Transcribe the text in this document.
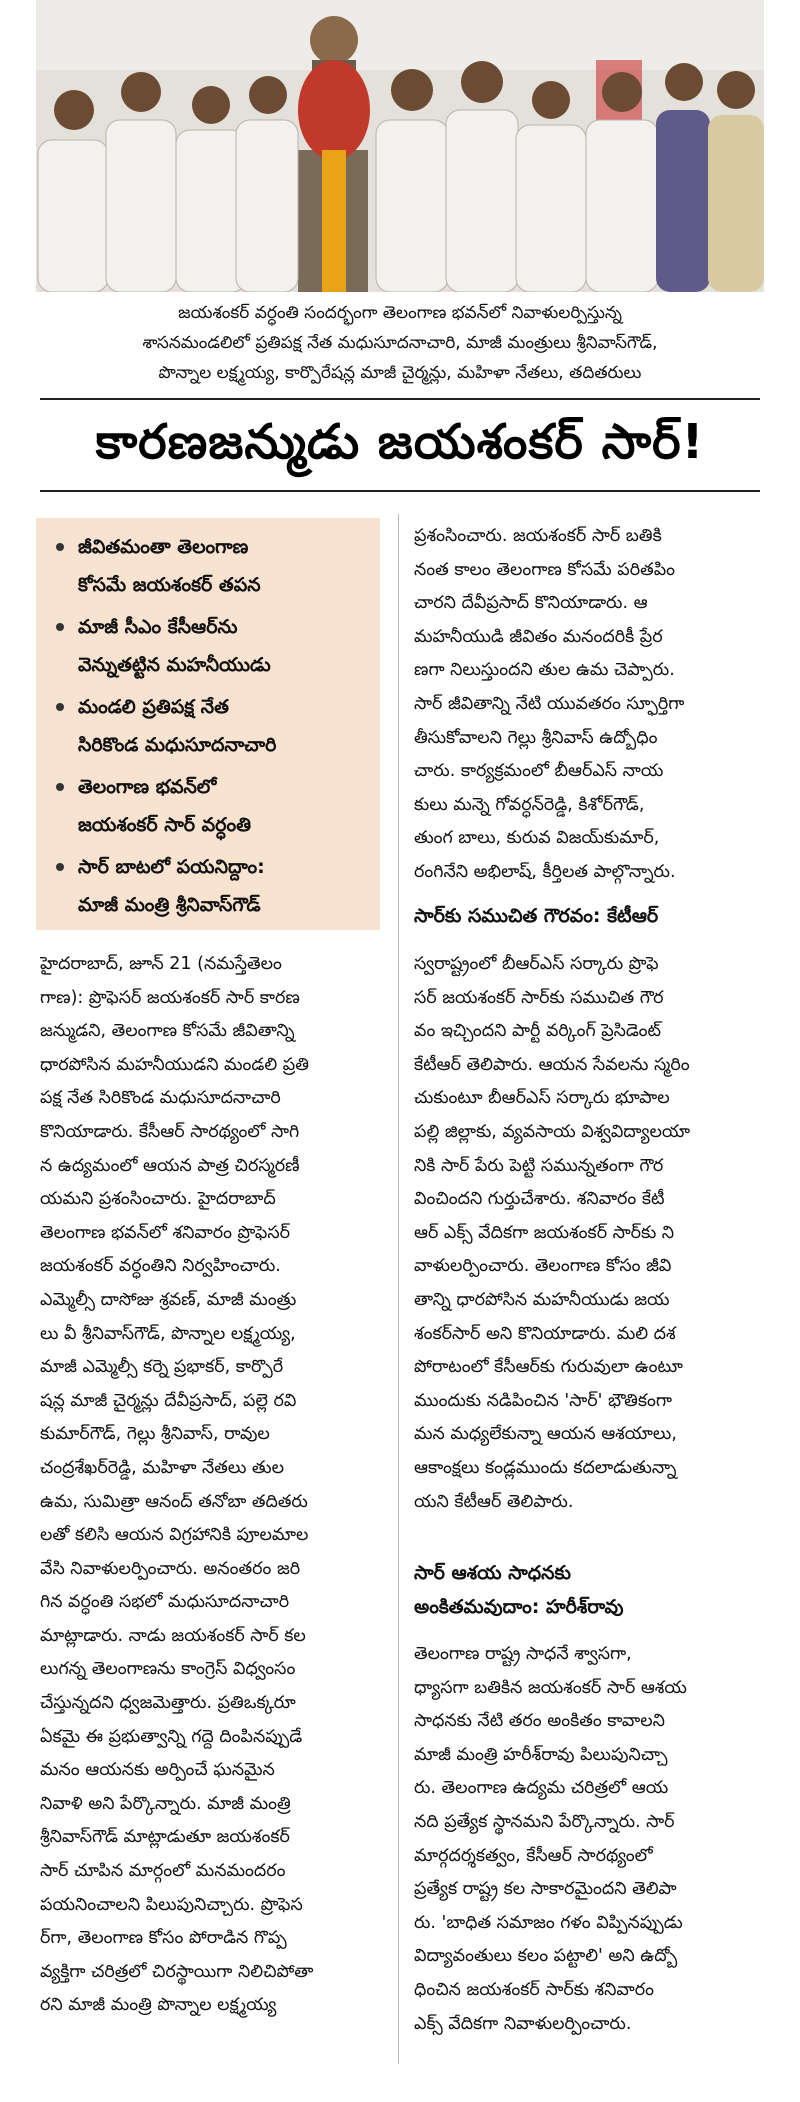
జయశంకర్ వర్ధంతి సందర్భంగా తెలంగాణ భవన్‌లో నివాళులర్పిస్తున్న
శాసనమండలిలో ప్రతిపక్ష నేత మధుసూదనాచారి, మాజీ మంత్రులు శ్రీనివాస్‌గౌడ్,
పొన్నాల లక్ష్మయ్య, కార్పొరేషన్ల మాజీ చైర్మన్లు, మహిళా నేతలు, తదితరులు
కారణజన్ముడు జయశంకర్ సార్!
జీవితమంతా తెలంగాణ
కోసమే జయశంకర్ తపన
మాజీ సీఎం కేసీఆర్‌ను
వెన్నుతట్టిన మహనీయుడు
మండలి ప్రతిపక్ష నేత
సిరికొండ మధుసూదనాచారి
తెలంగాణ భవన్‌లో
జయశంకర్ సార్ వర్ధంతి
సార్ బాటలో పయనిద్దాం:
మాజీ మంత్రి శ్రీనివాస్‌గౌడ్
హైదరాబాద్, జూన్ 21 (నమస్తేతెలం
గాణ): ప్రొఫెసర్ జయశంకర్ సార్ కారణ
జన్ముడని, తెలంగాణ కోసమే జీవితాన్ని
ధారపోసిన మహనీయుడని మండలి ప్రతి
పక్ష నేత సిరికొండ మధుసూదనాచారి
కొనియాడారు. కేసీఆర్ సారథ్యంలో సాగి
న ఉద్యమంలో ఆయన పాత్ర చిరస్మరణీ
యమని ప్రశంసించారు. హైదరాబాద్
తెలంగాణ భవన్‌లో శనివారం ప్రొఫెసర్
జయశంకర్ వర్ధంతిని నిర్వహించారు.
ఎమ్మెల్సీ దాసోజు శ్రవణ్, మాజీ మంత్రు
లు వీ శ్రీనివాస్‌గౌడ్, పొన్నాల లక్ష్మయ్య,
మాజీ ఎమ్మెల్సీ కర్నె ప్రభాకర్, కార్పొరే
షన్ల మాజీ చైర్మన్లు దేవీప్రసాద్, పల్లె రవి
కుమార్‌గౌడ్, గెల్లు శ్రీనివాస్, రావుల
చంద్రశేఖర్‌రెడ్డి, మహిళా నేతలు తుల
ఉమ, సుమిత్రా ఆనంద్ తనోబా తదితరు
లతో కలిసి ఆయన విగ్రహానికి పూలమాల
వేసి నివాళులర్పించారు. అనంతరం జరి
గిన వర్ధంతి సభలో మధుసూదనాచారి
మాట్లాడారు. నాడు జయశంకర్ సార్ కల
లుగన్న తెలంగాణను కాంగ్రెస్ విధ్వంసం
చేస్తున్నదని ధ్వజమెత్తారు. ప్రతిఒక్కరూ
ఏకమై ఈ ప్రభుత్వాన్ని గద్దె దింపినప్పుడే
మనం ఆయనకు అర్పించే ఘనమైన
నివాళి అని పేర్కొన్నారు. మాజీ మంత్రి
శ్రీనివాస్‌గౌడ్ మాట్లాడుతూ జయశంకర్
సార్ చూపిన మార్గంలో మనమందరం
పయనించాలని పిలుపునిచ్చారు. ప్రొఫెస
ర్‌గా, తెలంగాణ కోసం పోరాడిన గొప్ప
వ్యక్తిగా చరిత్రలో చిరస్థాయిగా నిలిచిపోతా
రని మాజీ మంత్రి పొన్నాల లక్ష్మయ్య
ప్రశంసించారు. జయశంకర్ సార్ బతికి
నంత కాలం తెలంగాణ కోసమే పరితపిం
చారని దేవీప్రసాద్ కొనియాడారు. ఆ
మహనీయుడి జీవితం మనందరికీ ప్రేర
ణగా నిలుస్తుందని తుల ఉమ చెప్పారు.
సార్ జీవితాన్ని నేటి యువతరం స్ఫూర్తిగా
తీసుకోవాలని గెల్లు శ్రీనివాస్ ఉద్బోధిం
చారు. కార్యక్రమంలో బీఆర్‌ఎస్ నాయ
కులు మన్నె గోవర్ధన్‌రెడ్డి, కిశోర్‌గౌడ్,
తుంగ బాలు, కురువ విజయ్‌కుమార్,
రంగినేని అభిలాష్, కీర్తిలత పాల్గొన్నారు.
సార్‌కు సముచిత గౌరవం: కేటీఆర్
స్వరాష్ట్రంలో బీఆర్‌ఎస్ సర్కారు ప్రొఫె
సర్ జయశంకర్ సార్‌కు సముచిత గౌర
వం ఇచ్చిందని పార్టీ వర్కింగ్ ప్రెసిడెంట్
కేటీఆర్ తెలిపారు. ఆయన సేవలను స్మరిం
చుకుంటూ బీఆర్‌ఎస్ సర్కారు భూపాల
పల్లి జిల్లాకు, వ్యవసాయ విశ్వవిద్యాలయా
నికి సార్ పేరు పెట్టి సమున్నతంగా గౌర
వించిందని గుర్తుచేశారు. శనివారం కేటీ
ఆర్ ఎక్స్ వేదికగా జయశంకర్ సార్‌కు ని
వాళులర్పించారు. తెలంగాణ కోసం జీవి
తాన్ని ధారపోసిన మహనీయుడు జయ
శంకర్‌సార్ అని కొనియాడారు. మలి దశ
పోరాటంలో కేసీఆర్‌కు గురువులా ఉంటూ
ముందుకు నడిపించిన 'సార్' భౌతికంగా
మన మధ్యలేకున్నా ఆయన ఆశయాలు,
ఆకాంక్షలు కండ్లముందు కదలాడుతున్నా
యని కేటీఆర్ తెలిపారు.
సార్ ఆశయ సాధనకు
అంకితమవుదాం: హరీశ్‌రావు
తెలంగాణ రాష్ట్ర సాధనే శ్వాసగా,
ధ్యాసగా బతికిన జయశంకర్ సార్ ఆశయ
సాధనకు నేటి తరం అంకితం కావాలని
మాజీ మంత్రి హరీశ్‌రావు పిలుపునిచ్చా
రు. తెలంగాణ ఉద్యమ చరిత్రలో ఆయ
నది ప్రత్యేక స్థానమని పేర్కొన్నారు. సార్
మార్గదర్శకత్వం, కేసీఆర్ సారథ్యంలో
ప్రత్యేక రాష్ట్ర కల సాకారమైందని తెలిపా
రు. 'బాధిత సమాజం గళం విప్పినప్పుడు
విద్యావంతులు కలం పట్టాలి' అని ఉద్బో
ధించిన జయశంకర్ సార్‌కు శనివారం
ఎక్స్ వేదికగా నివాళులర్పించారు.
